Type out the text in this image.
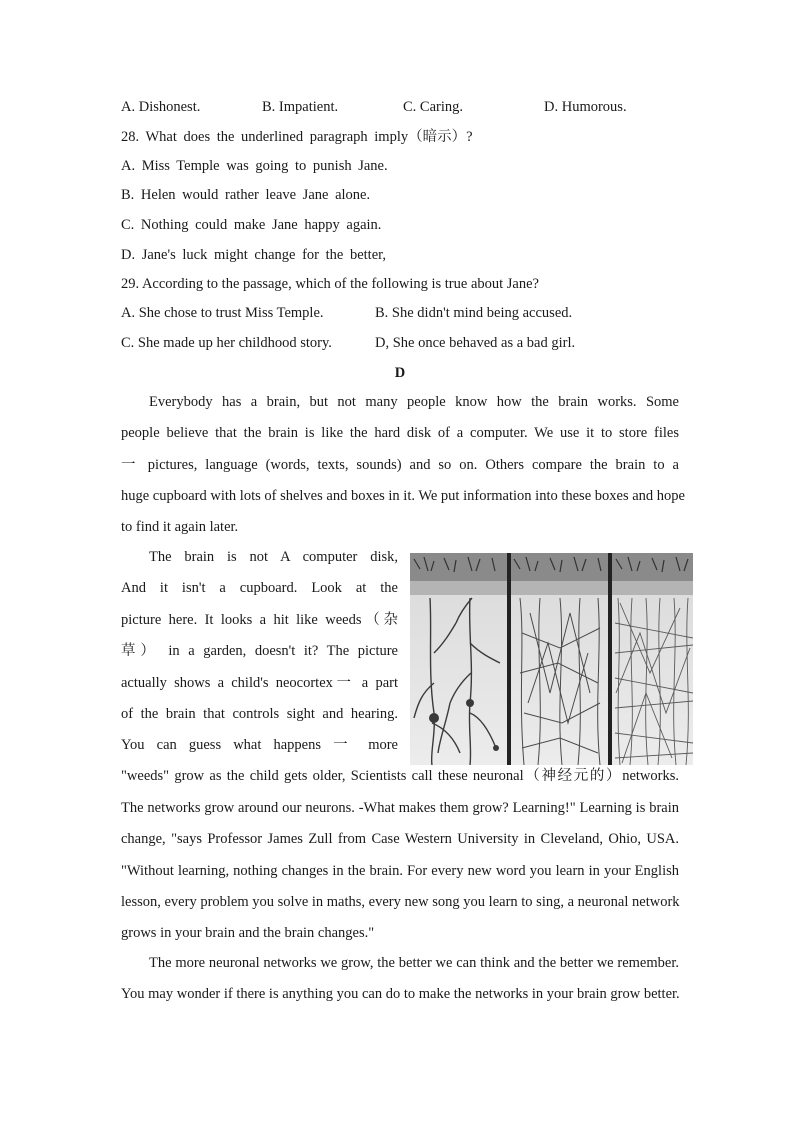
A. Dishonest.	B. Impatient.	C. Caring.	D. Humorous.
28. What does the underlined paragraph imply（暗示）?
A. Miss Temple was going to punish Jane.
B. Helen would rather leave Jane alone.
C. Nothing could make Jane happy again.
D. Jane's luck might change for the better,
29. According to the passage, which of the following is true about Jane?
A. She chose to trust Miss Temple.	B. She didn't mind being accused.
C. She made up her childhood story.	D, She once behaved as a bad girl.
D
Everybody has a brain, but not many people know how the brain works. Some
people believe that the brain is like the hard disk of a computer. We use it to store files
一 pictures, language (words, texts, sounds) and so on. Others compare the brain to a
huge cupboard with lots of shelves and boxes in it. We put information into these boxes and hope
to find it again later.
The brain is not A computer disk,
And it isn't a cupboard. Look at the
picture here. It looks a hit like weeds（杂
草） in a garden, doesn't it? The picture
actually shows a child's neocortex一 a part
of the brain that controls sight and hearing.
You can guess what happens 一 more
"weeds" grow as the child gets older, Scientists call these neuronal（神经元的）networks.
The networks grow around our neurons. -What makes them grow? Learning!" Learning is brain
change, "says Professor James Zull from Case Western University in Cleveland, Ohio, USA.
"Without learning, nothing changes in the brain. For every new word you learn in your English
lesson, every problem you solve in maths, every new song you learn to sing, a neuronal network
grows in your brain and the brain changes."
The more neuronal networks we grow, the better we can think and the better we remember.
You may wonder if there is anything you can do to make the networks in your brain grow better.
